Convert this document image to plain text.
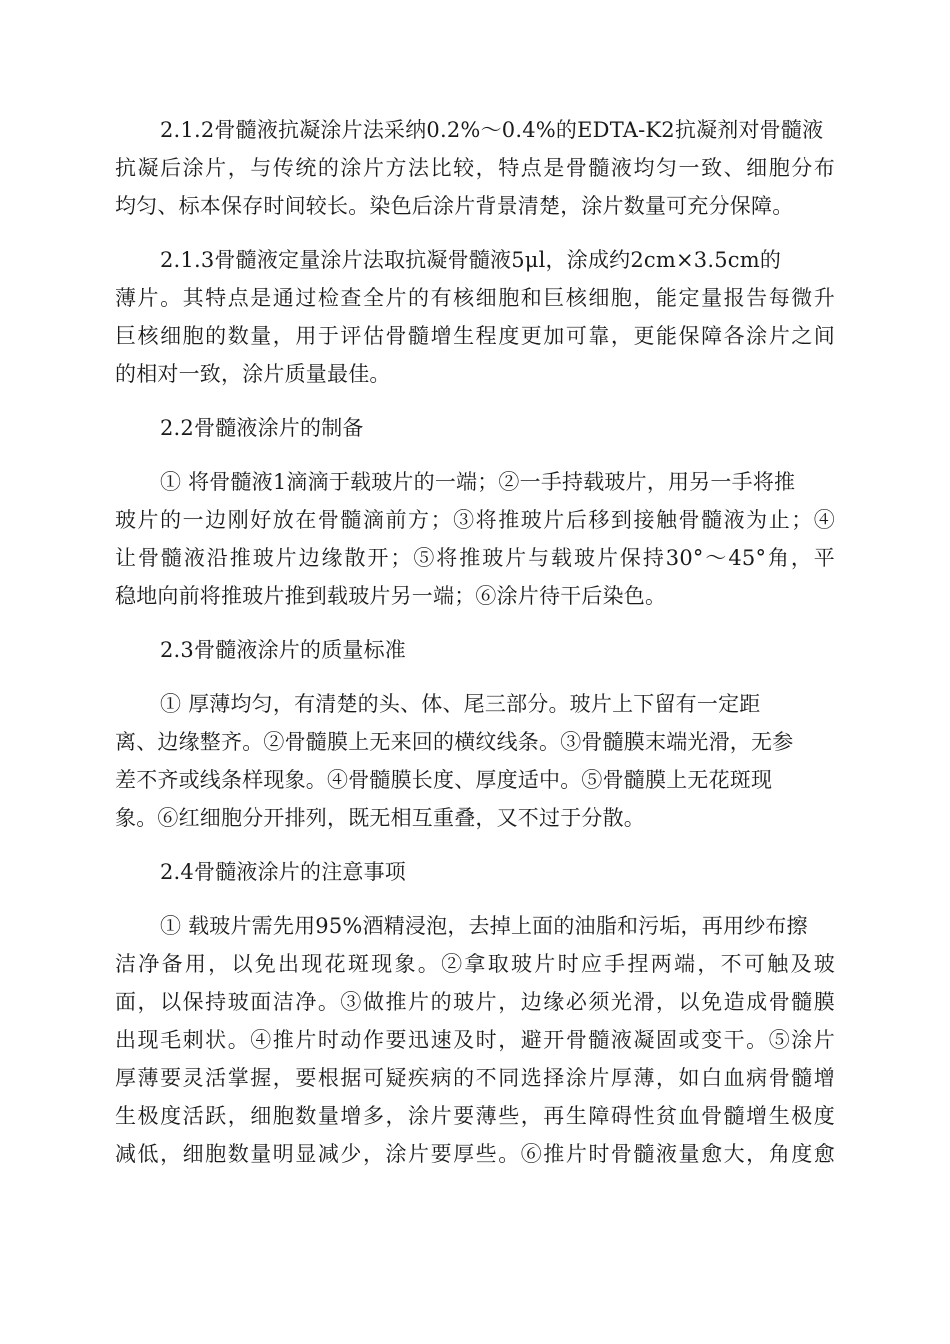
2.1.2骨髓液抗凝涂片法采纳0.2%～0.4%的EDTA-K2抗凝剂对骨髓液
抗凝后涂片，与传统的涂片方法比较，特点是骨髓液均匀一致、细胞分布
均匀、标本保存时间较长。染色后涂片背景清楚，涂片数量可充分保障。
2.1.3骨髓液定量涂片法取抗凝骨髓液5μl，涂成约2cm×3.5cm的
薄片。其特点是通过检查全片的有核细胞和巨核细胞，能定量报告每微升
巨核细胞的数量，用于评估骨髓增生程度更加可靠，更能保障各涂片之间
的相对一致，涂片质量最佳。
2.2骨髓液涂片的制备
① 将骨髓液1滴滴于载玻片的一端；②一手持载玻片，用另一手将推
玻片的一边刚好放在骨髓滴前方；③将推玻片后移到接触骨髓液为止；④
让骨髓液沿推玻片边缘散开；⑤将推玻片与载玻片保持30°～45°角，平
稳地向前将推玻片推到载玻片另一端；⑥涂片待干后染色。
2.3骨髓液涂片的质量标准
① 厚薄均匀，有清楚的头、体、尾三部分。玻片上下留有一定距
离、边缘整齐。②骨髓膜上无来回的横纹线条。③骨髓膜末端光滑，无参
差不齐或线条样现象。④骨髓膜长度、厚度适中。⑤骨髓膜上无花斑现
象。⑥红细胞分开排列，既无相互重叠，又不过于分散。
2.4骨髓液涂片的注意事项
① 载玻片需先用95%酒精浸泡，去掉上面的油脂和污垢，再用纱布擦
洁净备用，以免出现花斑现象。②拿取玻片时应手捏两端，不可触及玻
面，以保持玻面洁净。③做推片的玻片，边缘必须光滑，以免造成骨髓膜
出现毛刺状。④推片时动作要迅速及时，避开骨髓液凝固或变干。⑤涂片
厚薄要灵活掌握，要根据可疑疾病的不同选择涂片厚薄，如白血病骨髓增
生极度活跃，细胞数量增多，涂片要薄些，再生障碍性贫血骨髓增生极度
减低，细胞数量明显减少，涂片要厚些。⑥推片时骨髓液量愈大，角度愈
